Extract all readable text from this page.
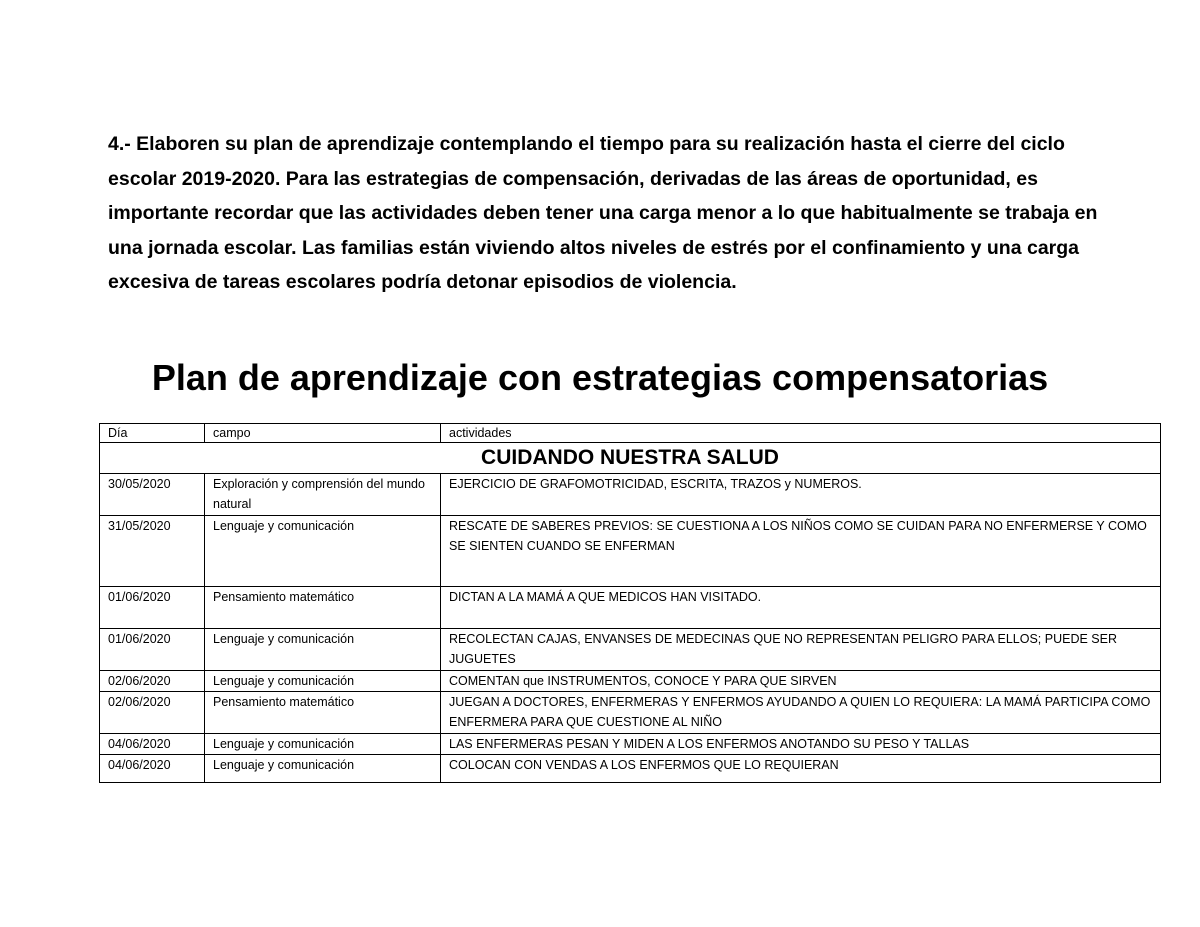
4.- Elaboren su plan de aprendizaje contemplando el tiempo para su realización hasta el cierre del ciclo escolar 2019-2020. Para las estrategias de compensación, derivadas de las áreas de oportunidad, es importante recordar que las actividades deben tener una carga menor a lo que habitualmente se trabaja en una jornada escolar. Las familias están viviendo altos niveles de estrés por el confinamiento y una carga excesiva de tareas escolares podría detonar episodios de violencia.

Plan de aprendizaje con estrategias compensatorias
Día	campo	actividades
CUIDANDO NUESTRA SALUD		
30/05/2020	Exploración y comprensión del mundo natural	EJERCICIO DE GRAFOMOTRICIDAD, ESCRITA, TRAZOS y NUMEROS.
31/05/2020	Lenguaje y comunicación	RESCATE DE SABERES PREVIOS: SE CUESTIONA A LOS NIÑOS COMO SE CUIDAN PARA NO ENFERMERSE Y COMO SE SIENTEN CUANDO SE ENFERMAN
01/06/2020	Pensamiento matemático	DICTAN A LA MAMÁ A QUE MEDICOS HAN VISITADO.
01/06/2020	Lenguaje y comunicación	RECOLECTAN CAJAS, ENVANSES DE MEDECINAS QUE NO REPRESENTAN PELIGRO PARA ELLOS; PUEDE SER JUGUETES
02/06/2020	Lenguaje y comunicación	COMENTAN que INSTRUMENTOS, CONOCE Y PARA QUE SIRVEN
02/06/2020	Pensamiento matemático	JUEGAN A DOCTORES, ENFERMERAS Y ENFERMOS AYUDANDO A QUIEN LO REQUIERA: LA MAMÁ PARTICIPA COMO ENFERMERA PARA QUE CUESTIONE AL NIÑO
04/06/2020	Lenguaje y comunicación	LAS ENFERMERAS PESAN Y MIDEN A LOS ENFERMOS ANOTANDO SU PESO Y TALLAS
04/06/2020	Lenguaje y comunicación	COLOCAN CON VENDAS A LOS ENFERMOS QUE LO REQUIERAN
